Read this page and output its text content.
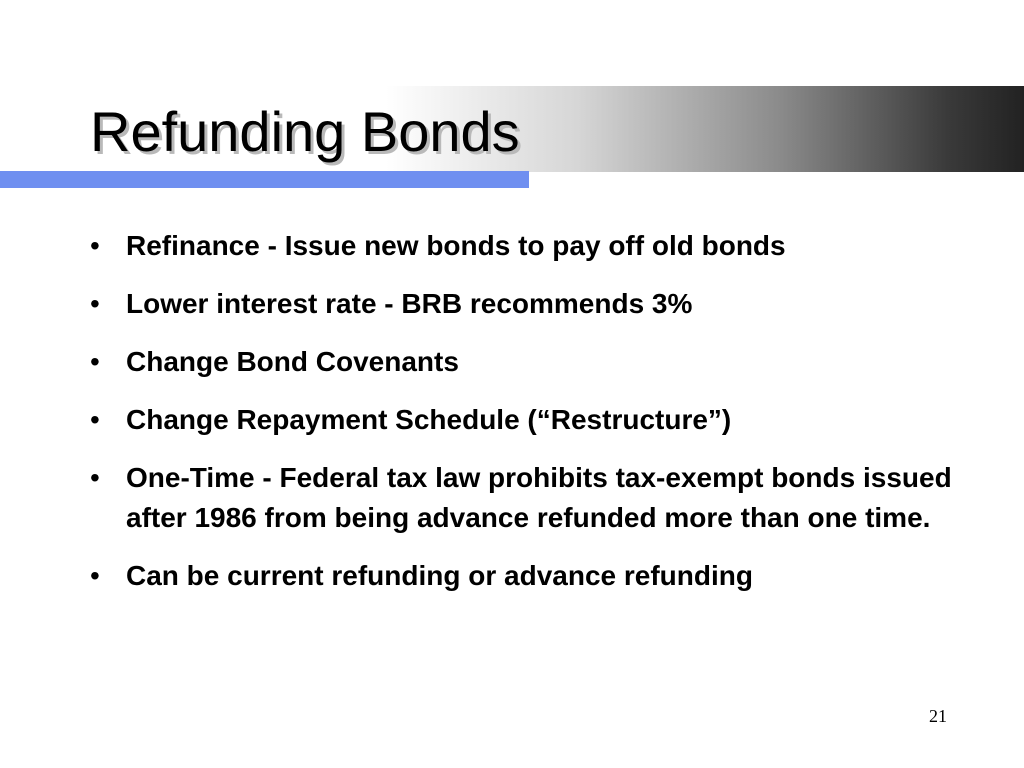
Refunding Bonds
• Refinance - Issue new bonds to pay off old bonds
• Lower interest rate - BRB recommends 3%
• Change Bond Covenants
• Change Repayment Schedule (“Restructure”)
• One-Time - Federal tax law prohibits tax-exempt bonds issued after 1986 from being advance refunded more than one time.
• Can be current refunding or advance refunding
21
